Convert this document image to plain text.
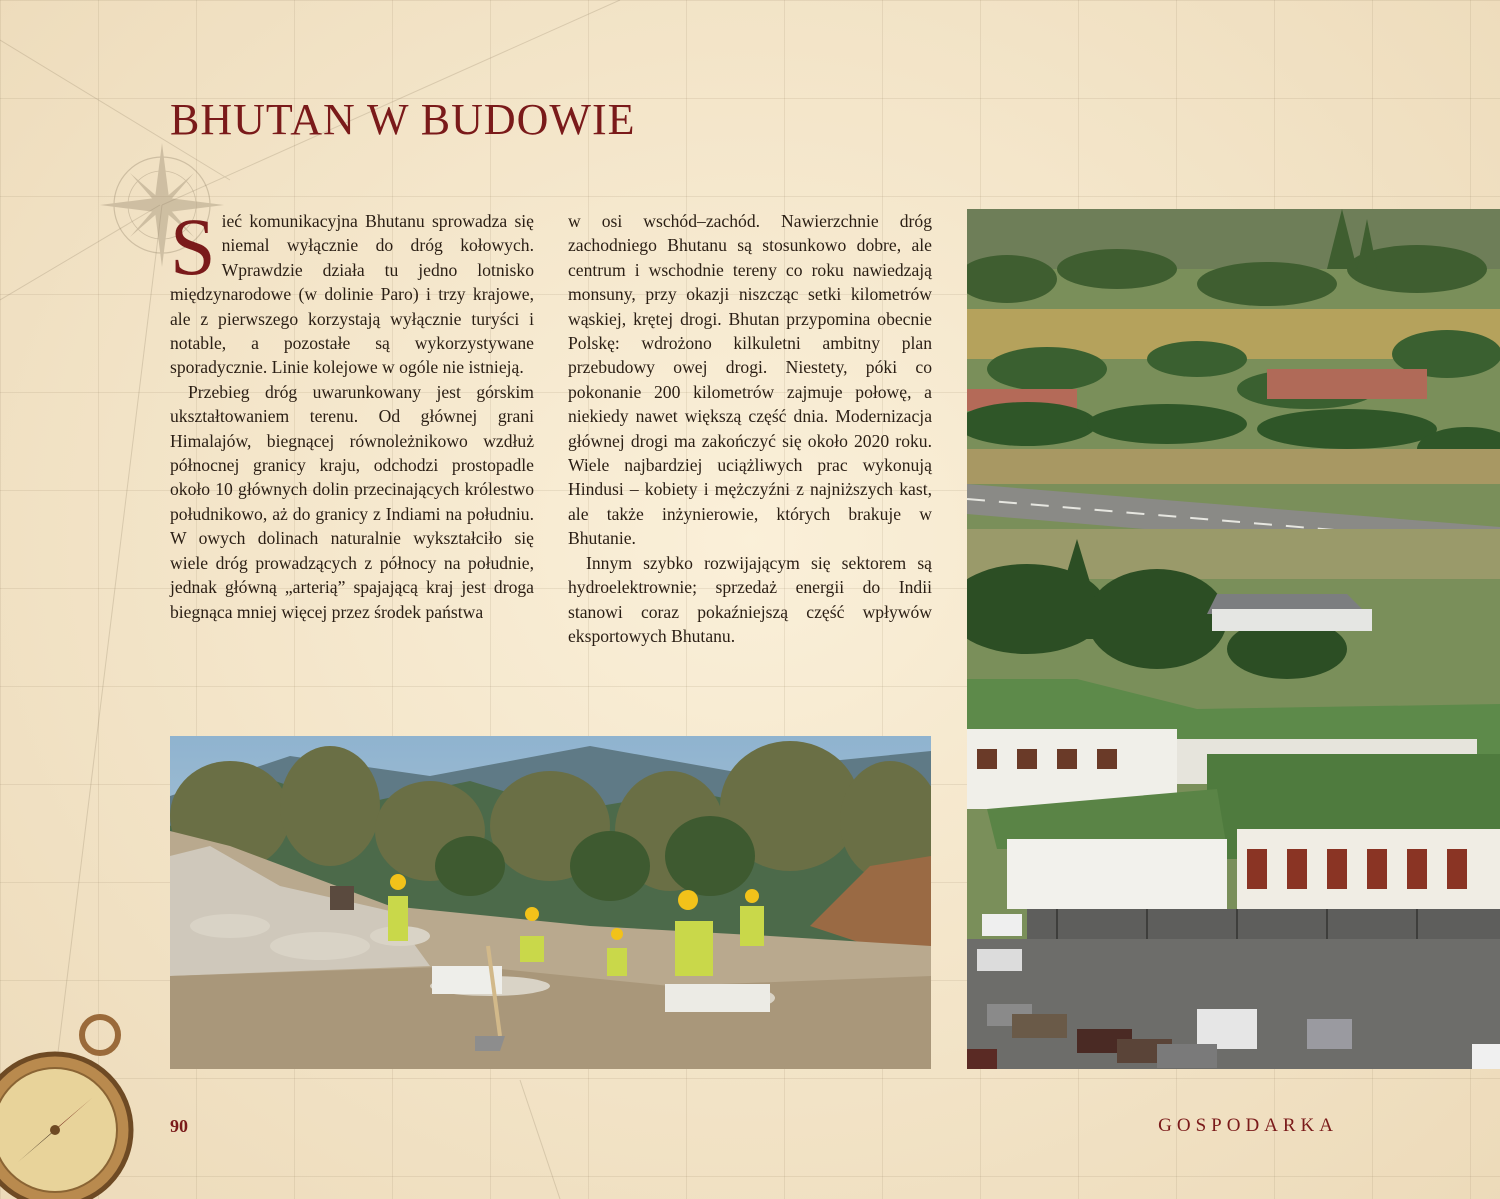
BHUTAN W BUDOWIE

Sieć komunikacyjna Bhutanu sprowadza się niemal wyłącznie do dróg kołowych. Wprawdzie działa tu jedno lotnisko międzynarodowe (w dolinie Paro) i trzy krajowe, ale z pierwszego korzystają wyłącznie turyści i notable, a pozostałe są wykorzystywane sporadycznie. Linie kolejowe w ogóle nie istnieją.

Przebieg dróg uwarunkowany jest górskim ukształtowaniem terenu. Od głównej grani Himalajów, biegnącej równoleżnikowo wzdłuż północnej granicy kraju, odchodzi prostopadle około 10 głównych dolin przecinających królestwo południkowo, aż do granicy z Indiami na południu. W owych dolinach naturalnie wykształciło się wiele dróg prowadzących z północy na południe, jednak główną „arterią” spajającą kraj jest droga biegnąca mniej więcej przez środek państwa

w osi wschód–zachód. Nawierzchnie dróg zachodniego Bhutanu są stosunkowo dobre, ale centrum i wschodnie tereny co roku nawiedzają monsuny, przy okazji niszcząc setki kilometrów wąskiej, krętej drogi. Bhutan przypomina obecnie Polskę: wdrożono kilkuletni ambitny plan przebudowy owej drogi. Niestety, póki co pokonanie 200 kilometrów zajmuje połowę, a niekiedy nawet większą część dnia. Modernizacja głównej drogi ma zakończyć się około 2020 roku. Wiele najbardziej uciążliwych prac wykonują Hindusi – kobiety i mężczyźni z najniższych kast, ale także inżynierowie, których brakuje w Bhutanie.

Innym szybko rozwijającym się sektorem są hydroelektrownie; sprzedaż energii do Indii stanowi coraz pokaźniejszą część wpływów eksportowych Bhutanu.

90	GOSPODARKA
